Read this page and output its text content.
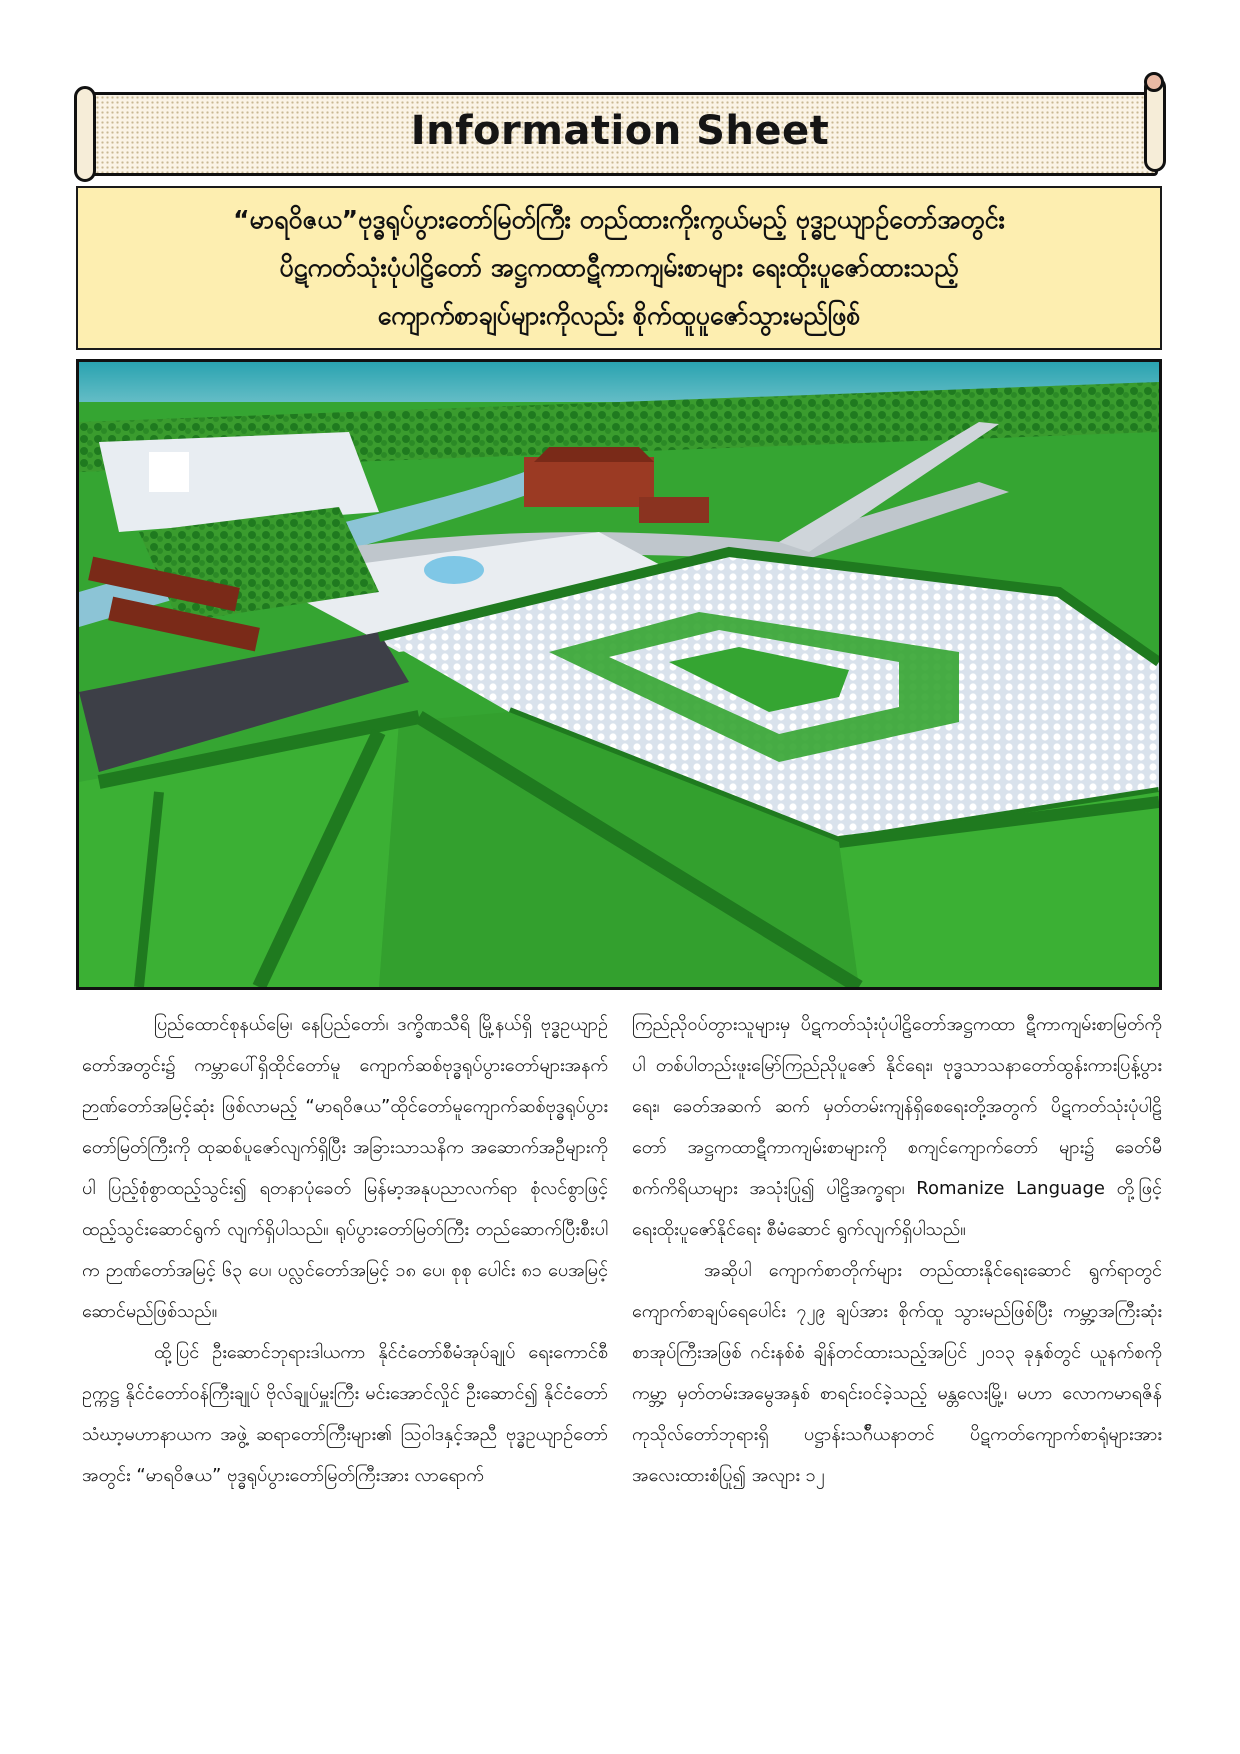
Information Sheet
“မာရဝိဇယ”ဗုဒ္ဓရုပ်ပွားတော်မြတ်ကြီး တည်ထားကိုးကွယ်မည့် ဗုဒ္ဓဥယျာဉ်တော်အတွင်း
ပိဋကတ်သုံးပုံပါဠိတော် အဋ္ဌကထာဋီကာကျမ်းစာများ ရေးထိုးပူဇော်ထားသည့်
ကျောက်စာချပ်များကိုလည်း စိုက်ထူပူဇော်သွားမည်ဖြစ်

ပြည်ထောင်စုနယ်မြေ၊ နေပြည်တော်၊ ဒက္ခိဏသီရိ မြို့နယ်ရှိ ဗုဒ္ဓဥယျာဉ်တော်အတွင်း၌ ကမ္ဘာပေါ်ရှိထိုင်တော်မူ ကျောက်ဆစ်ဗုဒ္ဓရုပ်ပွားတော်များအနက် ဉာဏ်တော်အမြင့်ဆုံး ဖြစ်လာမည့် “မာရဝိဇယ”ထိုင်တော်မူကျောက်ဆစ်ဗုဒ္ဓရုပ်ပွား တော်မြတ်ကြီးကို ထုဆစ်ပူဇော်လျက်ရှိပြီး အခြားသာသနိက အဆောက်အဦများကိုပါ ပြည့်စုံစွာထည့်သွင်း၍ ရတနာပုံခေတ် မြန်မာ့အနုပညာလက်ရာ စုံလင်စွာဖြင့် ထည့်သွင်းဆောင်ရွက် လျက်ရှိပါသည်။ ရုပ်ပွားတော်မြတ်ကြီး တည်ဆောက်ပြီးစီးပါ က ဉာဏ်တော်အမြင့် ၆၃ ပေ၊ ပလ္လင်တော်အမြင့် ၁၈ ပေ၊ စုစု ပေါင်း ၈၁ ပေအမြင့် ဆောင်မည်ဖြစ်သည်။

ထို့ပြင် ဦးဆောင်ဘုရားဒါယကာ နိုင်ငံတော်စီမံအုပ်ချုပ် ရေးကောင်စီဥက္ကဋ္ဌ နိုင်ငံတော်ဝန်ကြီးချုပ် ဗိုလ်ချုပ်မှူးကြီး မင်းအောင်လှိုင် ဦးဆောင်၍ နိုင်ငံတော်သံဃာ့မဟာနာယက အဖွဲ့ ဆရာတော်ကြီးများ၏ ဩဝါဒနှင့်အညီ ဗုဒ္ဓဥယျာဉ်တော် အတွင်း “မာရဝိဇယ” ဗုဒ္ဓရုပ်ပွားတော်မြတ်ကြီးအား လာရောက်

ကြည်ညိုဝပ်တွားသူများမှ ပိဋကတ်သုံးပုံပါဠိတော်အဋ္ဌကထာ ဋီကာကျမ်းစာမြတ်ကိုပါ တစ်ပါတည်းဖူးမြော်ကြည်ညိုပူဇော် နိုင်ရေး၊ ဗုဒ္ဓသာသနာတော်ထွန်းကားပြန့်ပွားရေး၊ ခေတ်အဆက် ဆက် မှတ်တမ်းကျန်ရှိစေရေးတို့အတွက် ပိဋကတ်သုံးပုံပါဠိ တော် အဋ္ဌကထာဋီကာကျမ်းစာများကို စကျင်ကျောက်တော် များ၌ ခေတ်မီစက်ကိရိယာများ အသုံးပြု၍ ပါဠိအက္ခရာ၊ Romanize Language တို့ဖြင့် ရေးထိုးပူဇော်နိုင်ရေး စီမံဆောင် ရွက်လျက်ရှိပါသည်။

အဆိုပါ ကျောက်စာတိုက်များ တည်ထားနိုင်ရေးဆောင် ရွက်ရာတွင် ကျောက်စာချပ်ရေပေါင်း ၇၂၉ ချပ်အား စိုက်ထူ သွားမည်ဖြစ်ပြီး ကမ္ဘာ့အကြီးဆုံးစာအုပ်ကြီးအဖြစ် ဂင်းနစ်စံ ချိန်တင်ထားသည့်အပြင် ၂၀၁၃ ခုနှစ်တွင် ယူနက်စကိုကမ္ဘာ့ မှတ်တမ်းအမွေအနှစ် စာရင်းဝင်ခဲ့သည့် မန္တလေးမြို့၊ မဟာ လောကမာရဇိန်ကုသိုလ်တော်ဘုရားရှိ ပဋ္ဌာန်းသဂ်ီယနာတင် ပိဋကတ်ကျောက်စာရုံများအား အလေးထားစံပြု၍ အလျား ၁၂
